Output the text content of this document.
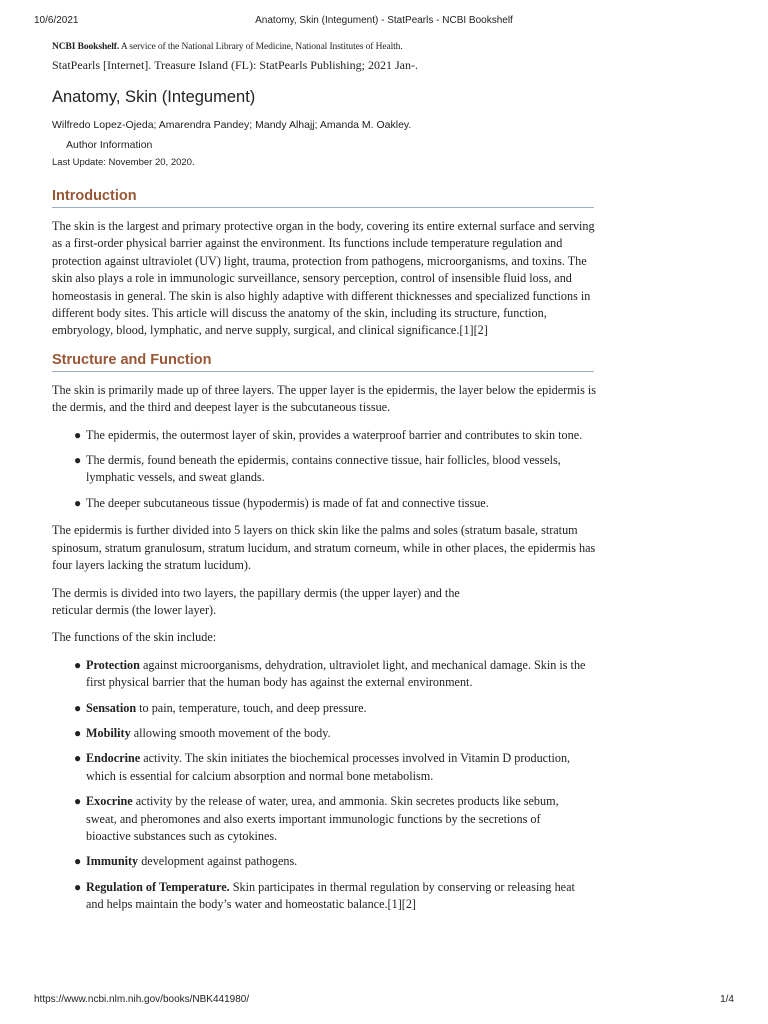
10/6/2021	Anatomy, Skin (Integument) - StatPearls - NCBI Bookshelf

NCBI Bookshelf. A service of the National Library of Medicine, National Institutes of Health.

StatPearls [Internet]. Treasure Island (FL): StatPearls Publishing; 2021 Jan-.

Anatomy, Skin (Integument)

Wilfredo Lopez-Ojeda; Amarendra Pandey; Mandy Alhajj; Amanda M. Oakley.

Author Information

Last Update: November 20, 2020.

Introduction

The skin is the largest and primary protective organ in the body, covering its entire external surface and serving as a first-order physical barrier against the environment. Its functions include temperature regulation and protection against ultraviolet (UV) light, trauma, protection from pathogens, microorganisms, and toxins. The skin also plays a role in immunologic surveillance, sensory perception, control of insensible fluid loss, and homeostasis in general. The skin is also highly adaptive with different thicknesses and specialized functions in different body sites. This article will discuss the anatomy of the skin, including its structure, function, embryology, blood, lymphatic, and nerve supply, surgical, and clinical significance.[1][2]

Structure and Function

The skin is primarily made up of three layers. The upper layer is the epidermis, the layer below the epidermis is the dermis, and the third and deepest layer is the subcutaneous tissue.

● The epidermis, the outermost layer of skin, provides a waterproof barrier and contributes to skin tone.
● The dermis, found beneath the epidermis, contains connective tissue, hair follicles, blood vessels, lymphatic vessels, and sweat glands.
● The deeper subcutaneous tissue (hypodermis) is made of fat and connective tissue.

The epidermis is further divided into 5 layers on thick skin like the palms and soles (stratum basale, stratum spinosum, stratum granulosum, stratum lucidum, and stratum corneum, while in other places, the epidermis has four layers lacking the stratum lucidum).

The dermis is divided into two layers, the papillary dermis (the upper layer) and the
reticular dermis (the lower layer).

The functions of the skin include:

● Protection against microorganisms, dehydration, ultraviolet light, and mechanical damage. Skin is the first physical barrier that the human body has against the external environment.
● Sensation to pain, temperature, touch, and deep pressure.
● Mobility allowing smooth movement of the body.
● Endocrine activity. The skin initiates the biochemical processes involved in Vitamin D production, which is essential for calcium absorption and normal bone metabolism.
● Exocrine activity by the release of water, urea, and ammonia. Skin secretes products like sebum, sweat, and pheromones and also exerts important immunologic functions by the secretions of bioactive substances such as cytokines.
● Immunity development against pathogens.
● Regulation of Temperature. Skin participates in thermal regulation by conserving or releasing heat and helps maintain the body’s water and homeostatic balance.[1][2]
https://www.ncbi.nlm.nih.gov/books/NBK441980/	1/4
